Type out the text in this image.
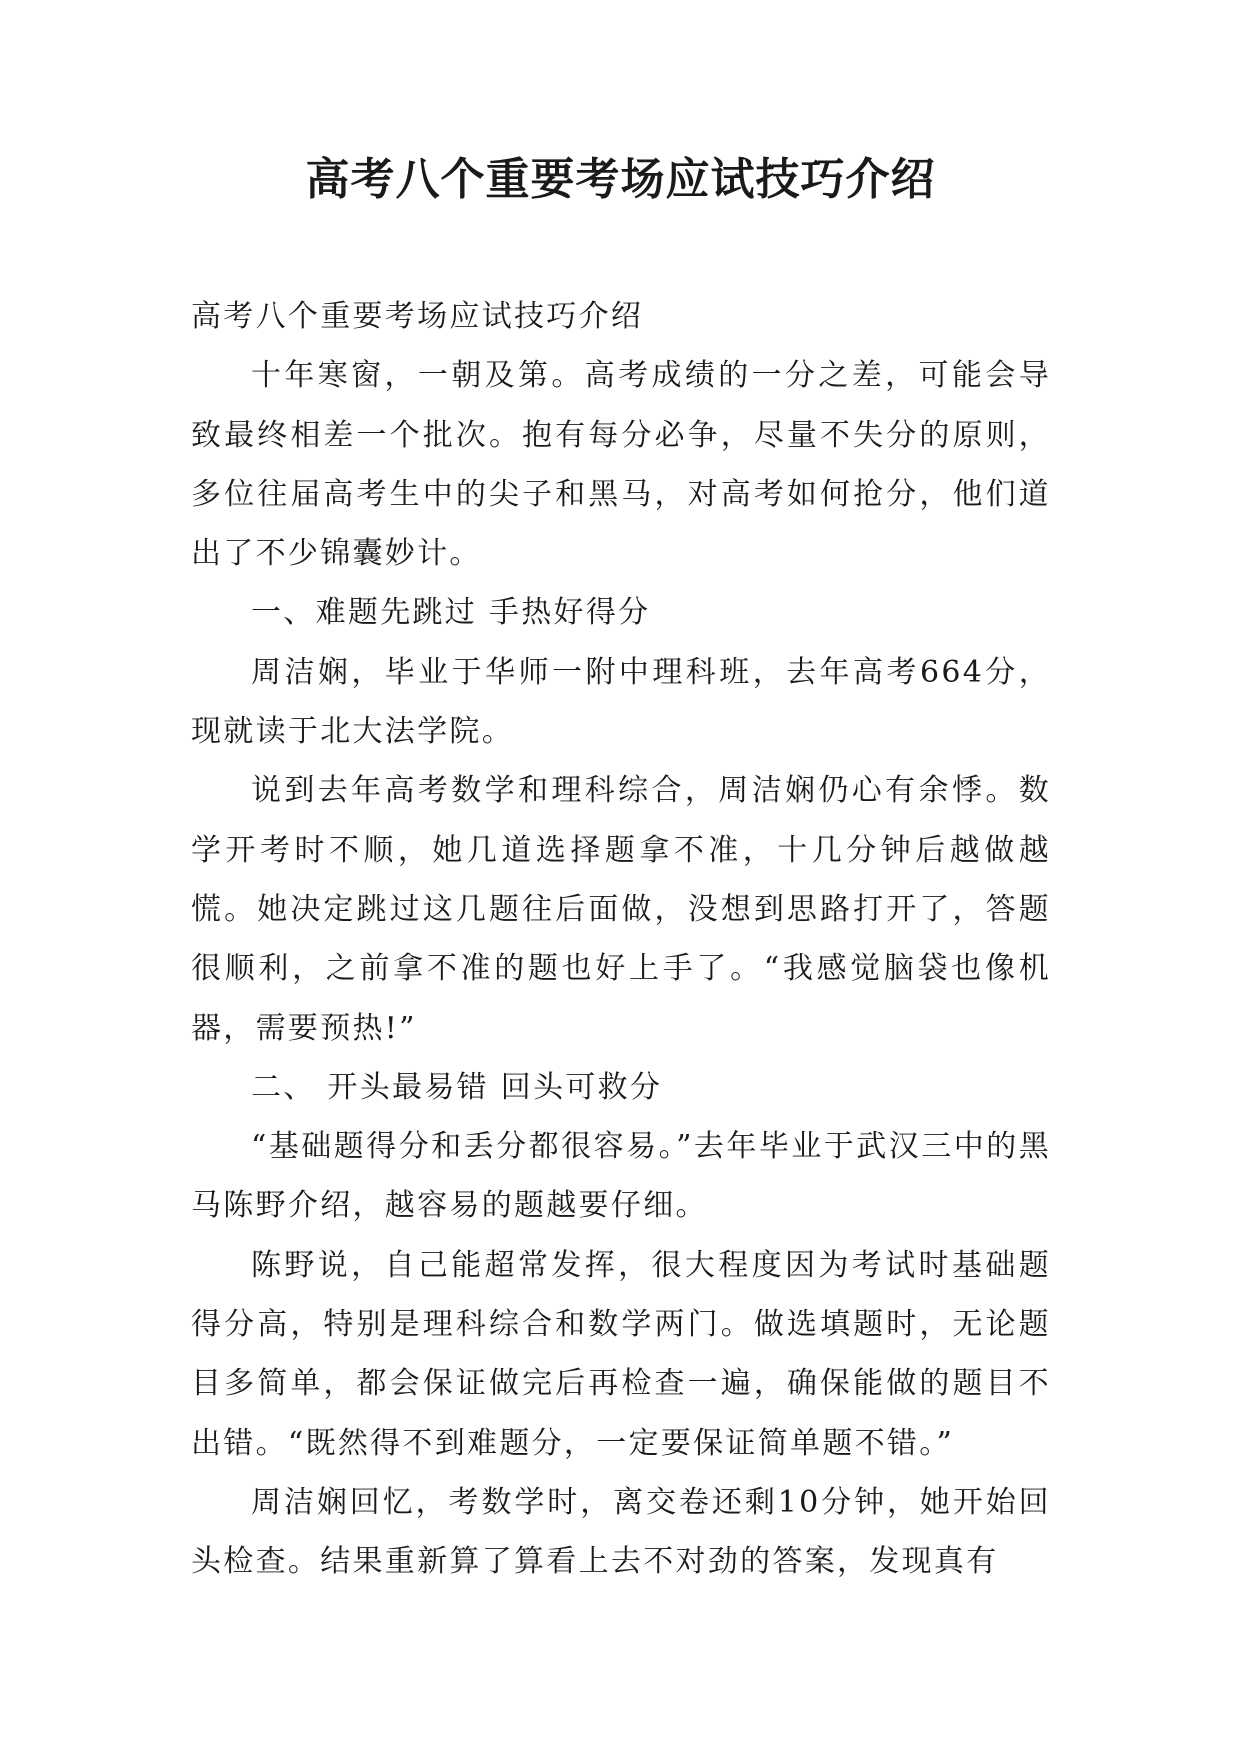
高考八个重要考场应试技巧介绍

高考八个重要考场应试技巧介绍

十年寒窗，一朝及第。高考成绩的一分之差，可能会导致最终相差一个批次。抱有每分必争，尽量不失分的原则，多位往届高考生中的尖子和黑马，对高考如何抢分，他们道出了不少锦囊妙计。

一、难题先跳过 手热好得分

周洁娴，毕业于华师一附中理科班，去年高考664分，现就读于北大法学院。

说到去年高考数学和理科综合，周洁娴仍心有余悸。数学开考时不顺，她几道选择题拿不准，十几分钟后越做越慌。她决定跳过这几题往后面做，没想到思路打开了，答题很顺利，之前拿不准的题也好上手了。“我感觉脑袋也像机器，需要预热!”

二、 开头最易错 回头可救分

“基础题得分和丢分都很容易。”去年毕业于武汉三中的黑马陈野介绍，越容易的题越要仔细。

陈野说，自己能超常发挥，很大程度因为考试时基础题得分高，特别是理科综合和数学两门。做选填题时，无论题目多简单，都会保证做完后再检查一遍，确保能做的题目不出错。“既然得不到难题分，一定要保证简单题不错。”

周洁娴回忆，考数学时，离交卷还剩10分钟，她开始回头检查。结果重新算了算看上去不对劲的答案，发现真有
